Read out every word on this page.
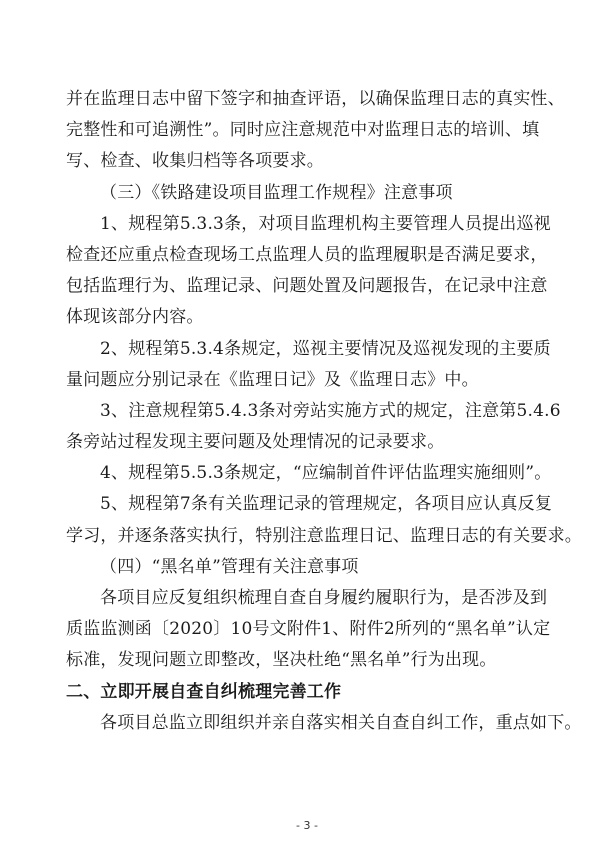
并在监理日志中留下签字和抽查评语，以确保监理日志的真实性、
完整性和可追溯性”。同时应注意规范中对监理日志的培训、填
写、检查、收集归档等各项要求。
（三）《铁路建设项目监理工作规程》注意事项
1、规程第5.3.3条，对项目监理机构主要管理人员提出巡视
检查还应重点检查现场工点监理人员的监理履职是否满足要求，
包括监理行为、监理记录、问题处置及问题报告，在记录中注意
体现该部分内容。
2、规程第5.3.4条规定，巡视主要情况及巡视发现的主要质
量问题应分别记录在《监理日记》及《监理日志》中。
3、注意规程第5.4.3条对旁站实施方式的规定，注意第5.4.6
条旁站过程发现主要问题及处理情况的记录要求。
4、规程第5.5.3条规定，“应编制首件评估监理实施细则”。
5、规程第7条有关监理记录的管理规定，各项目应认真反复
学习，并逐条落实执行，特别注意监理日记、监理日志的有关要求。
（四）“黑名单”管理有关注意事项
各项目应反复组织梳理自查自身履约履职行为，是否涉及到
质监监测函〔2020〕10号文附件1、附件2所列的“黑名单”认定
标准，发现问题立即整改，坚决杜绝“黑名单”行为出现。
二、立即开展自查自纠梳理完善工作
各项目总监立即组织并亲自落实相关自查自纠工作，重点如下。
- 3 -
